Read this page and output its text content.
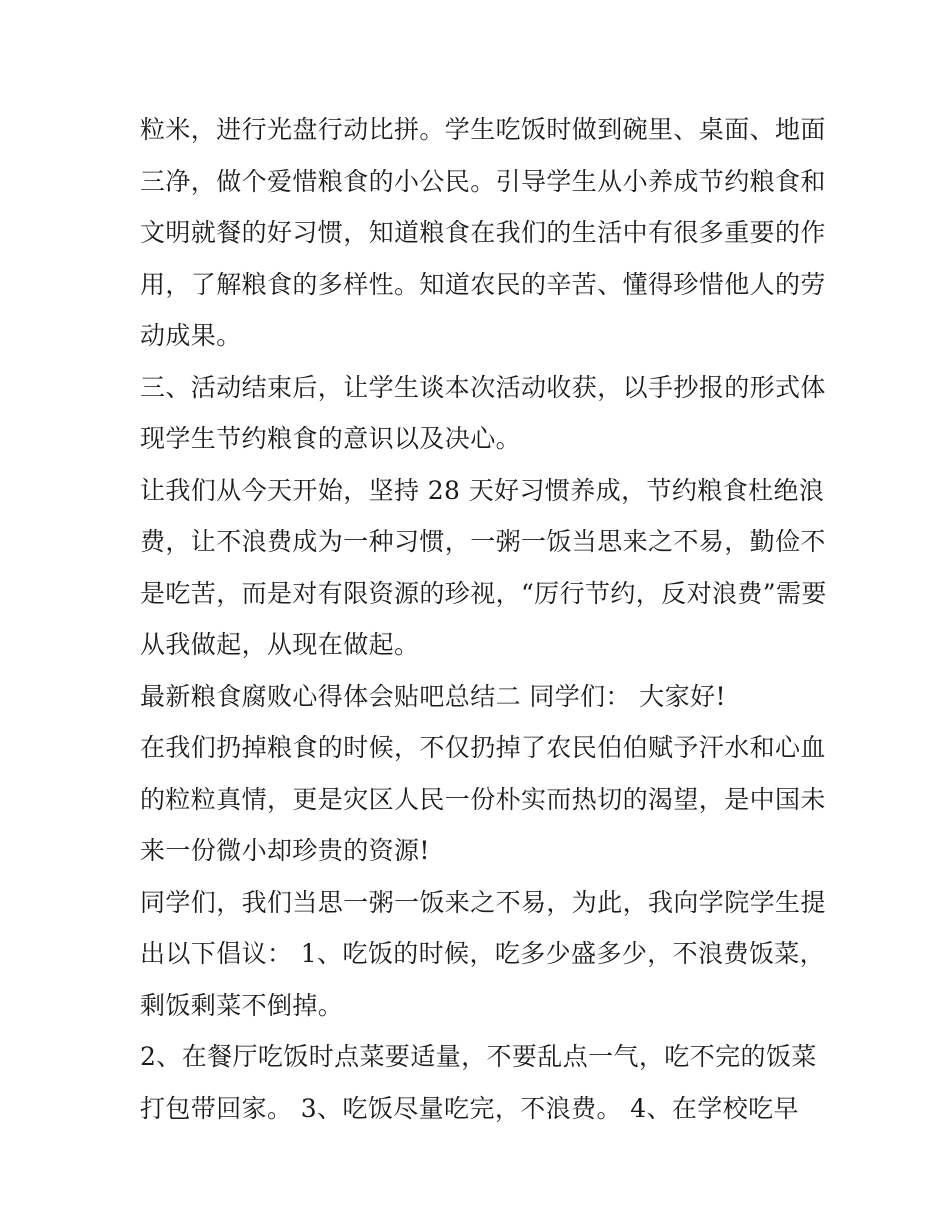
粒米，进行光盘行动比拼。学生吃饭时做到碗里、桌面、地面
三净，做个爱惜粮食的小公民。引导学生从小养成节约粮食和
文明就餐的好习惯，知道粮食在我们的生活中有很多重要的作
用，了解粮食的多样性。知道农民的辛苦、懂得珍惜他人的劳
动成果。
三、活动结束后，让学生谈本次活动收获，以手抄报的形式体
现学生节约粮食的意识以及决心。
让我们从今天开始，坚持 28 天好习惯养成，节约粮食杜绝浪
费，让不浪费成为一种习惯，一粥一饭当思来之不易，勤俭不
是吃苦，而是对有限资源的珍视，“厉行节约，反对浪费”需要
从我做起，从现在做起。
最新粮食腐败心得体会贴吧总结二 同学们： 大家好!
在我们扔掉粮食的时候，不仅扔掉了农民伯伯赋予汗水和心血
的粒粒真情，更是灾区人民一份朴实而热切的渴望，是中国未
来一份微小却珍贵的资源!
同学们，我们当思一粥一饭来之不易，为此，我向学院学生提
出以下倡议： 1、吃饭的时候，吃多少盛多少，不浪费饭菜，
剩饭剩菜不倒掉。
2、在餐厅吃饭时点菜要适量，不要乱点一气，吃不完的饭菜
打包带回家。 3、吃饭尽量吃完，不浪费。 4、在学校吃早
